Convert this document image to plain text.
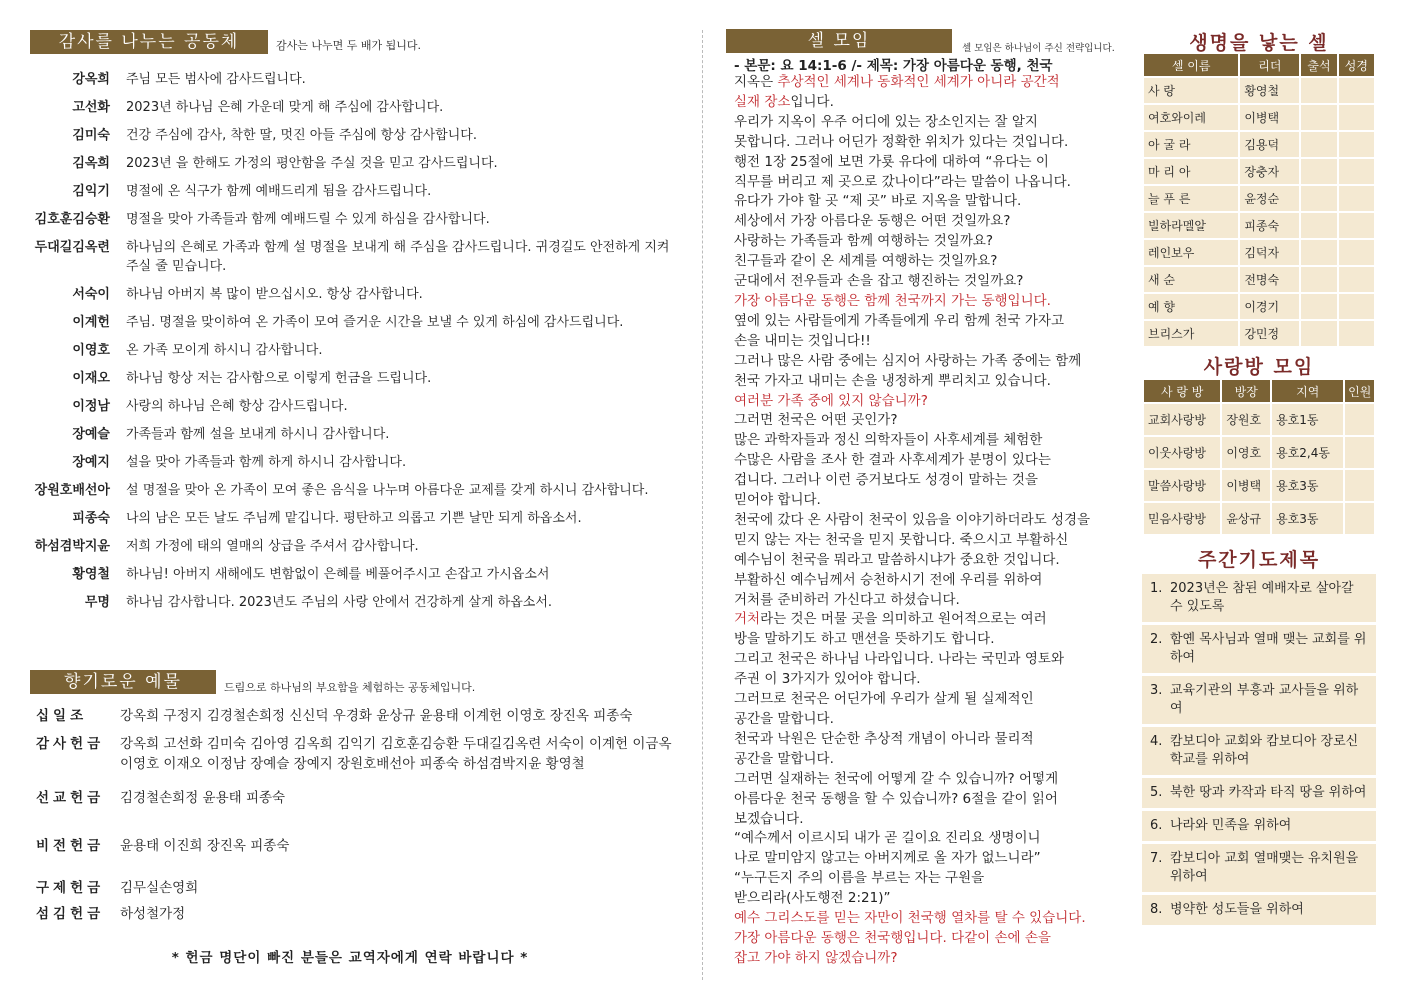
감사를 나누는 공동체	감사는 나누면 두 배가 됩니다.
강옥희	주님 모든 범사에 감사드립니다.
고선화	2023년 하나님 은혜 가운데 맞게 해 주심에 감사합니다.
김미숙	건강 주심에 감사, 착한 딸, 멋진 아들 주심에 항상 감사합니다.
김옥희	2023년 을 한해도 가정의 평안함을 주실 것을 믿고 감사드립니다.
김익기	명절에 온 식구가 함께 예배드리게 됨을 감사드립니다.
김호훈김승환	명절을 맞아 가족들과 함께 예배드릴 수 있게 하심을 감사합니다.
두대길김옥련	하나님의 은혜로 가족과 함께 설 명절을 보내게 해 주심을 감사드립니다. 귀경길도 안전하게 지켜주실 줄 믿습니다.
서숙이	하나님 아버지 복 많이 받으십시오. 항상 감사합니다.
이계헌	주님. 명절을 맞이하여 온 가족이 모여 즐거운 시간을 보낼 수 있게 하심에 감사드립니다.
이영호	온 가족 모이게 하시니 감사합니다.
이재오	하나님 항상 저는 감사함으로 이렇게 헌금을 드립니다.
이정남	사랑의 하나님 은혜 항상 감사드립니다.
장예슬	가족들과 함께 설을 보내게 하시니 감사합니다.
장예지	설을 맞아 가족들과 함께 하게 하시니 감사합니다.
장원호배선아	설 명절을 맞아 온 가족이 모여 좋은 음식을 나누며 아름다운 교제를 갖게 하시니 감사합니다.
피종숙	나의 남은 모든 날도 주님께 맡깁니다. 평탄하고 의롭고 기쁜 날만 되게 하옵소서.
하섬겸박지윤	저희 가정에 태의 열매의 상급을 주셔서 감사합니다.
황영철	하나님! 아버지 새해에도 변함없이 은혜를 베풀어주시고 손잡고 가시옵소서
무명	하나님 감사합니다. 2023년도 주님의 사랑 안에서 건강하게 살게 하옵소서.
향기로운 예물	드림으로 하나님의 부요함을 체험하는 공동체입니다.
십일조	강옥희 구정지 김경철손희정 신신덕 우경화 윤상규 윤용태 이계헌 이영호 장진옥 피종숙
감사헌금	강옥희 고선화 김미숙 김아영 김옥희 김익기 김호훈김승환 두대길김옥련 서숙이 이계헌 이금옥 이영호 이재오 이정남 장예슬 장예지 장원호배선아 피종숙 하섬겸박지윤 황영철
선교헌금	김경철손희정 윤용태 피종숙
비전헌금	윤용태 이진희 장진옥 피종숙
구제헌금	김무실손영희
섬김헌금	하성철가정
* 헌금 명단이 빠진 분들은 교역자에게 연락 바랍니다 *
셀 모임	셀 모임은 하나님이 주신 전략입니다.
- 본문: 요 14:1-6 /- 제목: 가장 아름다운 동행, 천국
지옥은 추상적인 세계나 동화적인 세계가 아니라 공간적
실재 장소입니다.
우리가 지옥이 우주 어디에 있는 장소인지는 잘 알지
못합니다. 그러나 어딘가 정확한 위치가 있다는 것입니다.
행전 1장 25절에 보면 가룟 유다에 대하여 “유다는 이
직무를 버리고 제 곳으로 갔나이다”라는 말씀이 나옵니다.
유다가 가야 할 곳 “제 곳” 바로 지옥을 말합니다.
세상에서 가장 아름다운 동행은 어떤 것일까요?
사랑하는 가족들과 함께 여행하는 것일까요?
친구들과 같이 온 세계를 여행하는 것일까요?
군대에서 전우들과 손을 잡고 행진하는 것일까요?
가장 아름다운 동행은 함께 천국까지 가는 동행입니다.
옆에 있는 사람들에게 가족들에게 우리 함께 천국 가자고
손을 내미는 것입니다!!
그러나 많은 사람 중에는 심지어 사랑하는 가족 중에는 함께
천국 가자고 내미는 손을 냉정하게 뿌리치고 있습니다.
여러분 가족 중에 있지 않습니까?
그러면 천국은 어떤 곳인가?
많은 과학자들과 정신 의학자들이 사후세계를 체험한
수많은 사람을 조사 한 결과 사후세계가 분명이 있다는
겁니다. 그러나 이런 증거보다도 성경이 말하는 것을
믿어야 합니다.
천국에 갔다 온 사람이 천국이 있음을 이야기하더라도 성경을
믿지 않는 자는 천국을 믿지 못합니다. 죽으시고 부활하신
예수님이 천국을 뭐라고 말씀하시냐가 중요한 것입니다.
부활하신 예수님께서 승천하시기 전에 우리를 위하여
거처를 준비하러 가신다고 하셨습니다.
거처라는 것은 머물 곳을 의미하고 원어적으로는 여러
방을 말하기도 하고 맨션을 뜻하기도 합니다.
그리고 천국은 하나님 나라입니다. 나라는 국민과 영토와
주권 이 3가지가 있어야 합니다.
그러므로 천국은 어딘가에 우리가 살게 될 실제적인
공간을 말합니다.
천국과 낙원은 단순한 추상적 개념이 아니라 물리적
공간을 말합니다.
그러면 실재하는 천국에 어떻게 갈 수 있습니까? 어떻게
아름다운 천국 동행을 할 수 있습니까? 6절을 같이 읽어
보겠습니다.
“예수께서 이르시되 내가 곧 길이요 진리요 생명이니
나로 말미암지 않고는 아버지께로 올 자가 없느니라”
“누구든지 주의 이름을 부르는 자는 구원을
받으리라(사도행전 2:21)”
예수 그리스도를 믿는 자만이 천국행 열차를 탈 수 있습니다.
가장 아름다운 동행은 천국행입니다. 다같이 손에 손을
잡고 가야 하지 않겠습니까?
생명을 낳는 셀
셀 이름	리더	출석	성경
사 랑	황영철		
여호와이레	이병택		
아 굴 라	김용덕		
마 리 아	장충자		
늘 푸 른	윤정순		
빌하라멜알	피종숙		
레인보우	김덕자		
새 순	전명숙		
예 향	이경기		
브리스가	강민정		
사랑방 모임
사 랑 방	방장	지역	인원
교회사랑방	장원호	용호1동	
이웃사랑방	이영호	용호2,4동	
말씀사랑방	이병택	용호3동	
믿음사랑방	윤상규	용호3동	
주간기도제목
1. 2023년은 참된 예배자로 살아갈 수 있도록
2. 함옌 목사님과 열매 맺는 교회를 위하여
3. 교육기관의 부흥과 교사들을 위하여
4. 캄보디아 교회와 캄보디아 장로신학교를 위하여
5. 북한 땅과 카작과 타직 땅을 위하여
6. 나라와 민족을 위하여
7. 캄보디아 교회 열매맺는 유치원을 위하여
8. 병약한 성도들을 위하여
